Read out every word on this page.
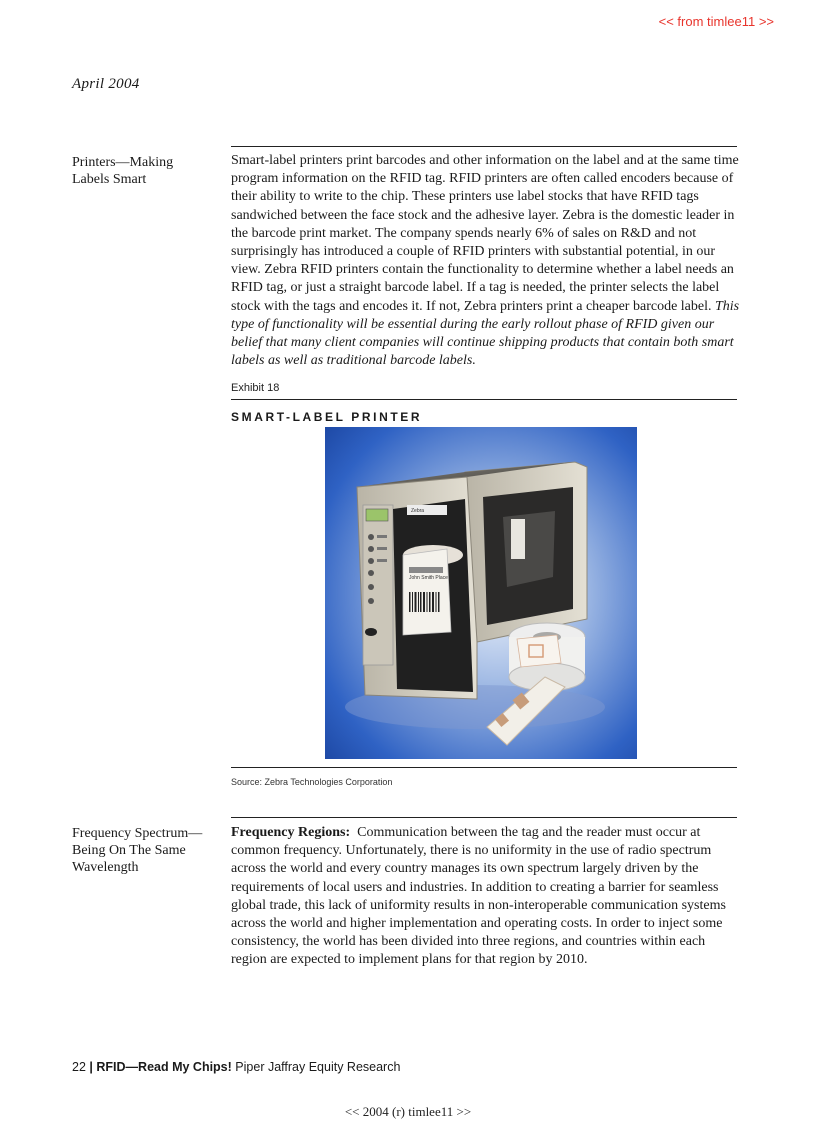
<< from timlee11 >>
April 2004
Printers—Making
Labels Smart
Smart-label printers print barcodes and other information on the label and at the same time program information on the RFID tag. RFID printers are often called encoders because of their ability to write to the chip. These printers use label stocks that have RFID tags sandwiched between the face stock and the adhesive layer. Zebra is the domestic leader in the barcode print market. The company spends nearly 6% of sales on R&D and not surprisingly has introduced a couple of RFID printers with substantial potential, in our view. Zebra RFID printers contain the functionality to determine whether a label needs an RFID tag, or just a straight barcode label. If a tag is needed, the printer selects the label stock with the tags and encodes it. If not, Zebra printers print a cheaper barcode label. This type of functionality will be essential during the early rollout phase of RFID given our belief that many client companies will continue shipping products that contain both smart labels as well as traditional barcode labels.
Exhibit 18
SMART-LABEL PRINTER
Zebra
John Smith Place
Source: Zebra Technologies Corporation
Frequency Spectrum—
Being On The Same
Wavelength
Frequency Regions: Communication between the tag and the reader must occur at common frequency. Unfortunately, there is no uniformity in the use of radio spectrum across the world and every country manages its own spectrum largely driven by the requirements of local users and industries. In addition to creating a barrier for seamless global trade, this lack of uniformity results in non-interoperable communication systems across the world and higher implementation and operating costs. In order to inject some consistency, the world has been divided into three regions, and countries within each region are expected to implement plans for that region by 2010.
22 | RFID—Read My Chips! Piper Jaffray Equity Research
<< 2004 (r) timlee11 >>
